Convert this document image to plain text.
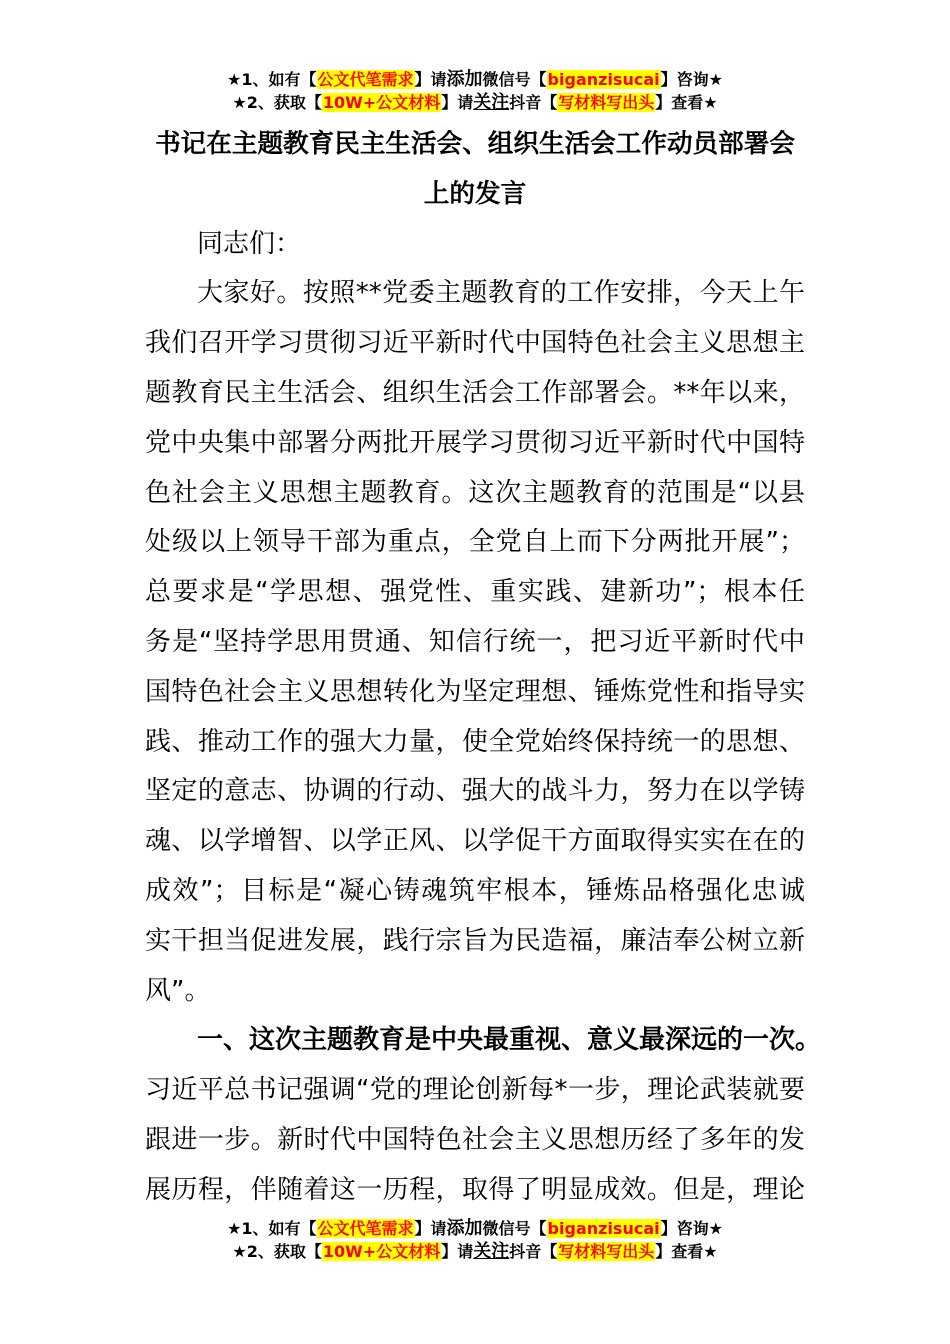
★1、如有【公文代笔需求】请添加微信号【biganzisucai】咨询★
★2、获取【10W+公文材料】请关注抖音【写材料写出头】查看★
书记在主题教育民主生活会、组织生活会工作动员部署会
上的发言
同志们：
大家好。按照**党委主题教育的工作安排，今天上午
我们召开学习贯彻习近平新时代中国特色社会主义思想主
题教育民主生活会、组织生活会工作部署会。**年以来，
党中央集中部署分两批开展学习贯彻习近平新时代中国特
色社会主义思想主题教育。这次主题教育的范围是“以县
处级以上领导干部为重点，全党自上而下分两批开展”；
总要求是“学思想、强党性、重实践、建新功”；根本任
务是“坚持学思用贯通、知信行统一，把习近平新时代中
国特色社会主义思想转化为坚定理想、锤炼党性和指导实
践、推动工作的强大力量，使全党始终保持统一的思想、
坚定的意志、协调的行动、强大的战斗力，努力在以学铸
魂、以学增智、以学正风、以学促干方面取得实实在在的
成效”；目标是“凝心铸魂筑牢根本，锤炼品格强化忠诚
实干担当促进发展，践行宗旨为民造福，廉洁奉公树立新
风”。
一、这次主题教育是中央最重视、意义最深远的一次。
习近平总书记强调“党的理论创新每*一步，理论武装就要
跟进一步。新时代中国特色社会主义思想历经了多年的发
展历程，伴随着这一历程，取得了明显成效。但是，理论
★1、如有【公文代笔需求】请添加微信号【biganzisucai】咨询★
★2、获取【10W+公文材料】请关注抖音【写材料写出头】查看★
